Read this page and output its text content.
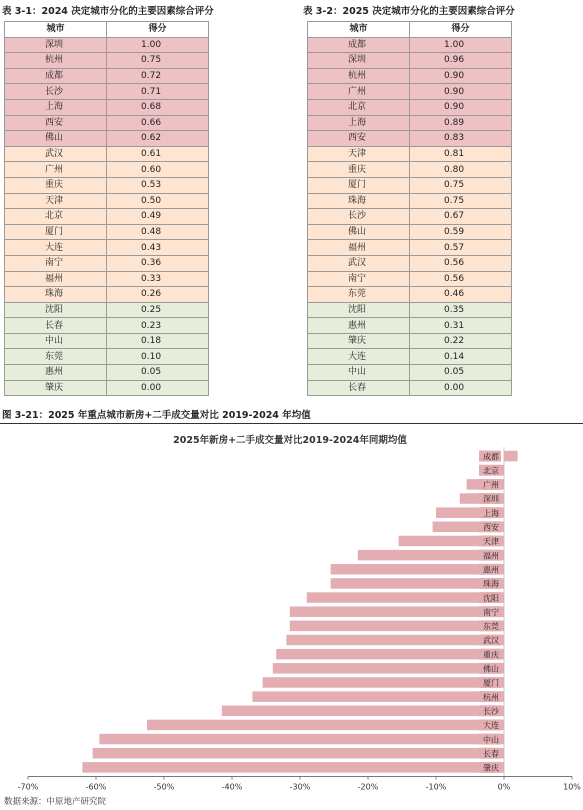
表 3-1：2024 决定城市分化的主要因素综合评分
城市	得分
深圳	1.00
杭州	0.75
成都	0.72
长沙	0.71
上海	0.68
西安	0.66
佛山	0.62
武汉	0.61
广州	0.60
重庆	0.53
天津	0.50
北京	0.49
厦门	0.48
大连	0.43
南宁	0.36
福州	0.33
珠海	0.26
沈阳	0.25
长春	0.23
中山	0.18
东莞	0.10
惠州	0.05
肇庆	0.00
表 3-2：2025 决定城市分化的主要因素综合评分
城市	得分
成都	1.00
深圳	0.96
杭州	0.90
广州	0.90
北京	0.90
上海	0.89
西安	0.83
天津	0.81
重庆	0.80
厦门	0.75
珠海	0.75
长沙	0.67
佛山	0.59
福州	0.57
武汉	0.56
南宁	0.56
东莞	0.46
沈阳	0.35
惠州	0.31
肇庆	0.22
大连	0.14
中山	0.05
长春	0.00
图 3-21：2025 年重点城市新房+二手成交量对比 2019-2024 年均值
2025年新房+二手成交量对比2019-2024年同期均值
成都
北京
广州
深圳
上海
西安
天津
福州
惠州
珠海
沈阳
南宁
东莞
武汉
重庆
佛山
厦门
杭州
长沙
大连
中山
长春
肇庆
-70%	-60%	-50%	-40%	-30%	-20%	-10%	0%	10%
数据来源：中原地产研究院
